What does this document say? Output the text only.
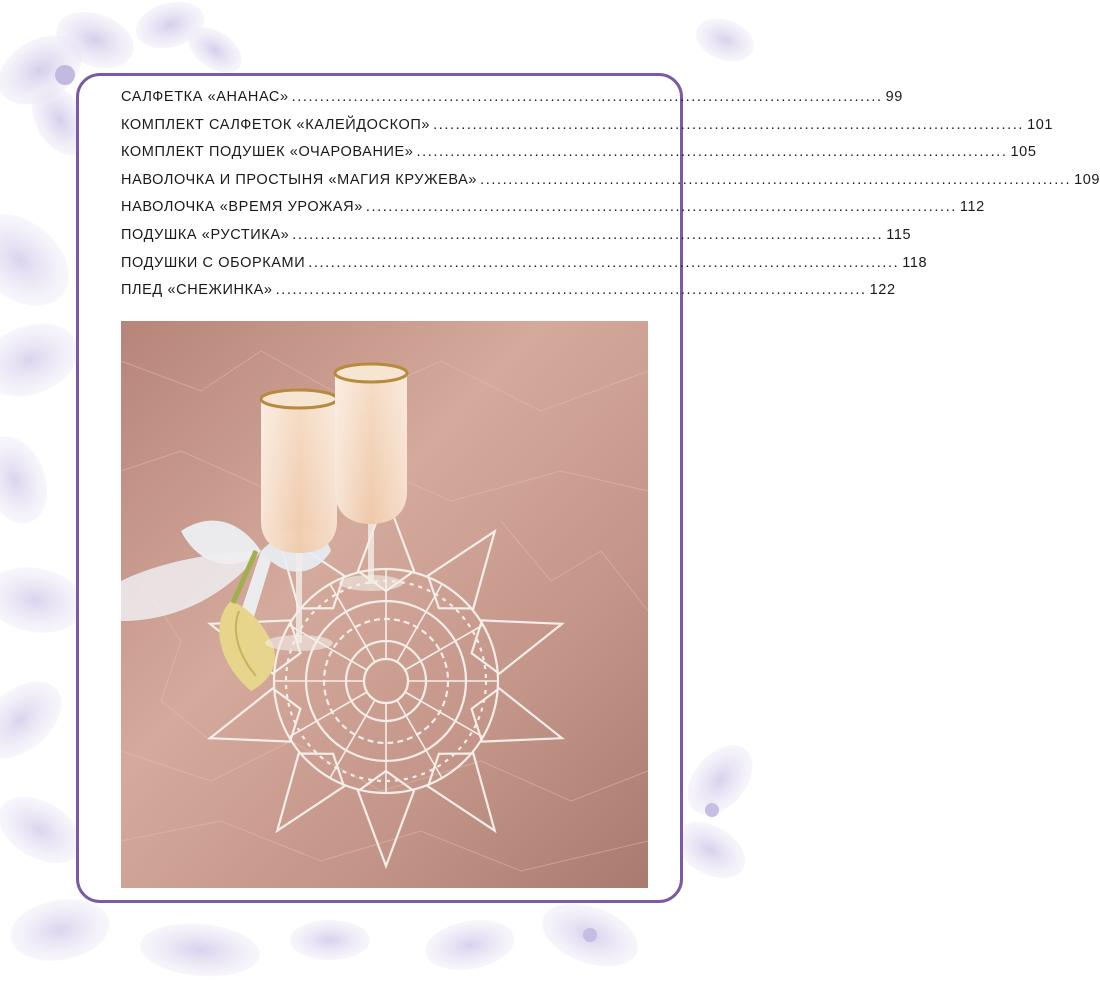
САЛФЕТКА «АНАНАС» ......................................................................................................... 99
КОМПЛЕКТ САЛФЕТОК «КАЛЕЙДОСКОП» ......................................................................................................... 101
КОМПЛЕКТ ПОДУШЕК «ОЧАРОВАНИЕ» ......................................................................................................... 105
НАВОЛОЧКА И ПРОСТЫНЯ «МАГИЯ КРУЖЕВА» ......................................................................................................... 109
НАВОЛОЧКА «ВРЕМЯ УРОЖАЯ» ......................................................................................................... 112
ПОДУШКА «РУСТИКА» ......................................................................................................... 115
ПОДУШКИ С ОБОРКАМИ ......................................................................................................... 118
ПЛЕД «СНЕЖИНКА» ......................................................................................................... 122
